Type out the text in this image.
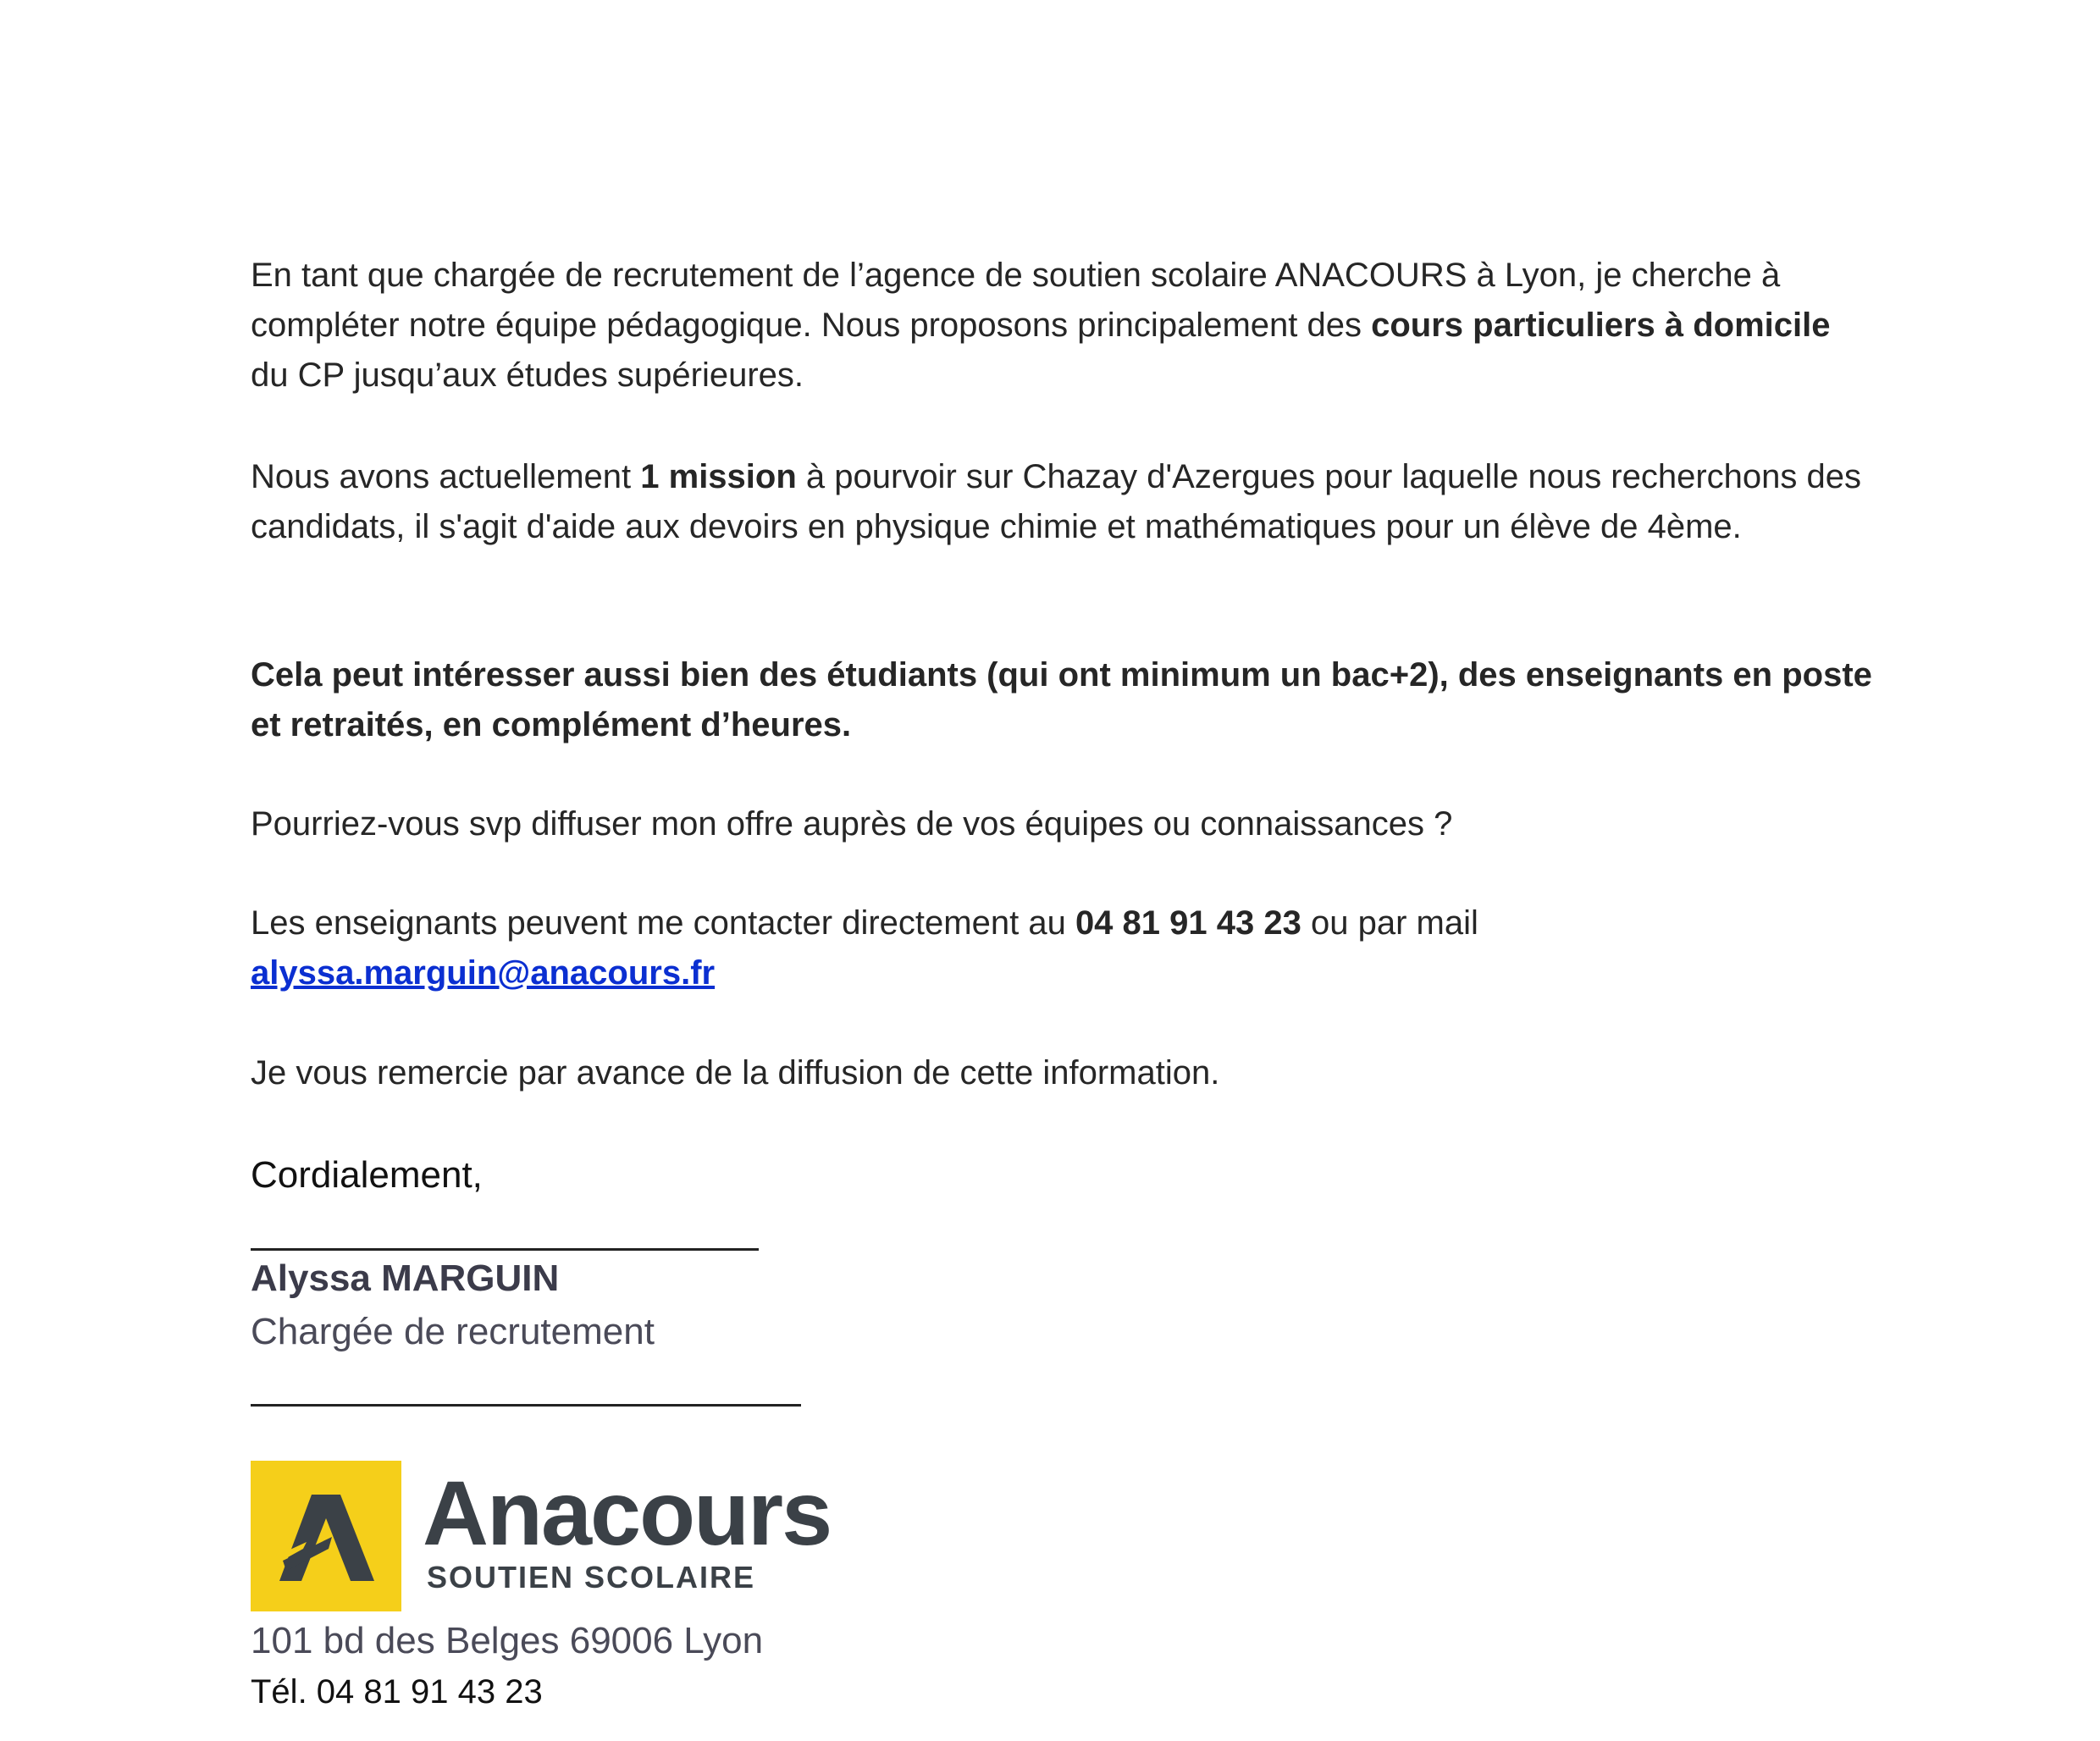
En tant que chargée de recrutement de l’agence de soutien scolaire ANACOURS à Lyon, je cherche à compléter notre équipe pédagogique. Nous proposons principalement des cours particuliers à domicile du CP jusqu’aux études supérieures.

Nous avons actuellement 1 mission à pourvoir sur Chazay d'Azergues pour laquelle nous recherchons des candidats, il s'agit d'aide aux devoirs en physique chimie et mathématiques pour un élève de 4ème.

Cela peut intéresser aussi bien des étudiants (qui ont minimum un bac+2), des enseignants en poste et retraités, en complément d’heures.

Pourriez-vous svp diffuser mon offre auprès de vos équipes ou connaissances ?

Les enseignants peuvent me contacter directement au 04 81 91 43 23 ou par mail
alyssa.marguin@anacours.fr

Je vous remercie par avance de la diffusion de cette information.

Cordialement,
Alyssa MARGUIN
Chargée de recrutement
Anacours
SOUTIEN SCOLAIRE
101 bd des Belges 69006 Lyon
Tél. 04 81 91 43 23
